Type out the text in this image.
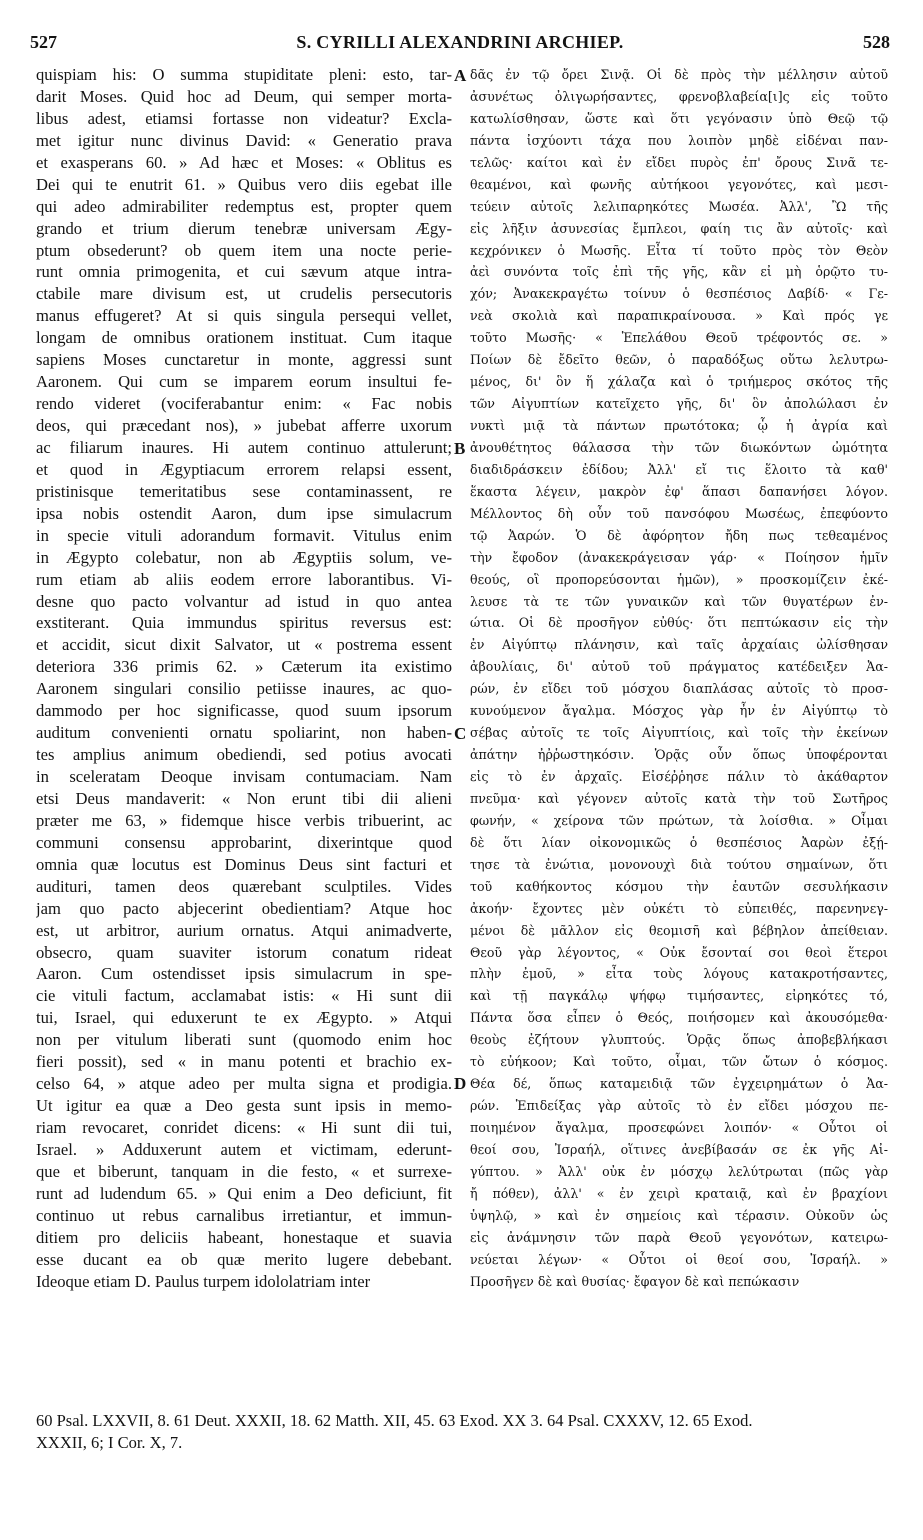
527	S. CYRILLI ALEXANDRINI ARCHIEP.	528
quispiam his: O summa stupiditate pleni: esto, tar-
darit Moses. Quid hoc ad Deum, qui semper morta-
libus adest, etiamsi fortasse non videatur? Excla-
met igitur nunc divinus David: « Generatio prava
et exasperans 60. » Ad hæc et Moses: « Oblitus es
Dei qui te enutrit 61. » Quibus vero diis egebat ille
qui adeo admirabiliter redemptus est, propter quem
grando et trium dierum tenebræ universam Ægy-
ptum obsederunt? ob quem item una nocte perie-
runt omnia primogenita, et cui sævum atque intra-
ctabile mare divisum est, ut crudelis persecutoris
manus effugeret? At si quis singula persequi vellet,
longam de omnibus orationem instituat. Cum itaque
sapiens Moses cunctaretur in monte, aggressi sunt
Aaronem. Qui cum se imparem eorum insultui fe-
rendo videret (vociferabantur enim: « Fac nobis
deos, qui præcedant nos), » jubebat afferre uxorum
ac filiarum inaures. Hi autem continuo attulerunt;
et quod in Ægyptiacum errorem relapsi essent,
pristinisque temeritatibus sese contaminassent, re
ipsa nobis ostendit Aaron, dum ipse simulacrum
in specie vituli adorandum formavit. Vitulus enim
in Ægypto colebatur, non ab Ægyptiis solum, ve-
rum etiam ab aliis eodem errore laborantibus. Vi-
desne quo pacto volvantur ad istud in quo antea
exstiterant. Quia immundus spiritus reversus est:
et accidit, sicut dixit Salvator, ut « postrema essent
deteriora 336 primis 62. » Cæterum ita existimo
Aaronem singulari consilio petiisse inaures, ac quo-
dammodo per hoc significasse, quod suum ipsorum
auditum convenienti ornatu spoliarint, non haben-
tes amplius animum obediendi, sed potius avocati
in sceleratam Deoque invisam contumaciam. Nam
etsi Deus mandaverit: « Non erunt tibi dii alieni
præter me 63, » fidemque hisce verbis tribuerint, ac
communi consensu approbarint, dixerintque quod
omnia quæ locutus est Dominus Deus sint facturi et
audituri, tamen deos quærebant sculptiles. Vides
jam quo pacto abjecerint obedientiam? Atque hoc
est, ut arbitror, aurium ornatus. Atqui animadverte,
obsecro, quam suaviter istorum conatum rideat
Aaron. Cum ostendisset ipsis simulacrum in spe-
cie vituli factum, acclamabat istis: « Hi sunt dii
tui, Israel, qui eduxerunt te ex Ægypto. » Atqui
non per vitulum liberati sunt (quomodo enim hoc
fieri possit), sed « in manu potenti et brachio ex-
celso 64, » atque adeo per multa signa et prodigia.
Ut igitur ea quæ a Deo gesta sunt ipsis in memo-
riam revocaret, conridet dicens: « Hi sunt dii tui,
Israel. » Adduxerunt autem et victimam, ederunt-
que et biberunt, tanquam in die festo, « et surrexe-
runt ad ludendum 65. » Qui enim a Deo deficiunt, fit
continuo ut rebus carnalibus irretiantur, et immun-
ditiem pro deliciis habeant, honestaque et suavia
esse ducant ea ob quæ merito lugere debebant.
Ideoque etiam D. Paulus turpem idololatriam inter
δᾶς ἐν τῷ ὄρει Σινᾷ. Οἱ δὲ πρὸς τὴν μέλλησιν αὐτοῦ
ἀσυνέτως ὀλιγωρήσαντες, φρενοβλαβεία[ι]ς εἰς τοῦτο
κατωλίσθησαν, ὥστε καὶ ὅτι γεγόνασιν ὑπὸ Θεῷ τῷ
πάντα ἰσχύοντι τάχα που λοιπὸν μηδὲ εἰδέναι παν-
τελῶς· καίτοι καὶ ἐν εἴδει πυρὸς ἐπ' ὄρους Σινᾶ τε-
θεαμένοι, καὶ φωνῆς αὐτήκοοι γεγονότες, καὶ μεσι-
τεύειν αὐτοῖς λελιπαρηκότες Μωσέα. Ἀλλ', Ὢ τῆς
εἰς λῆξιν ἀσυνεσίας ἔμπλεοι, φαίη τις ἂν αὐτοῖς· καὶ
κεχρόνικεν ὁ Μωσῆς. Εἶτα τί τοῦτο πρὸς τὸν Θεὸν
ἀεὶ συνόντα τοῖς ἐπὶ τῆς γῆς, κἂν εἰ μὴ ὁρῷτο τυ-
χόν; Ἀνακεκραγέτω τοίνυν ὁ θεσπέσιος Δαβίδ· « Γε-
νεὰ σκολιὰ καὶ παραπικραίνουσα. » Καὶ πρός γε
τοῦτο Μωσῆς· « Ἐπελάθου Θεοῦ τρέφοντός σε. »
Ποίων δὲ ἔδεῖτο θεῶν, ὁ παραδόξως οὕτω λελυτρω-
μένος, δι' ὃν ἥ χάλαζα καὶ ὁ τριήμερος σκότος τῆς
τῶν Αἰγυπτίων κατεῖχετο γῆς, δι' ὃν ἀπολώλασι ἐν
νυκτὶ μιᾷ τὰ πάντων πρωτότοκα; ᾧ ἡ ἀγρία καὶ
ἀνουθέτητος θάλασσα τὴν τῶν διωκόντων ὠμότητα
διαδιδράσκειν ἐδίδου; Ἀλλ' εἴ τις ἕλοιτο τὰ καθ'
ἕκαστα λέγειν, μακρὸν ἐφ' ἅπασι δαπανήσει λόγον.
Μέλλοντος δὴ οὖν τοῦ πανσόφου Μωσέως, ἐπεφύοντο
τῷ Ἀαρών. Ὁ δὲ ἀφόρητον ἤδη πως τεθεαμένος
τὴν ἔφοδον (ἀνακεκράγεισαν γάρ· « Ποίησον ἡμῖν
θεούς, οἳ προπορεύσονται ἡμῶν), » προσκομίζειν ἐκέ-
λευσε τὰ τε τῶν γυναικῶν καὶ τῶν θυγατέρων ἐν-
ώτια. Οἱ δὲ προσῆγον εὐθύς· ὅτι πεπτώκασιν εἰς τὴν
ἐν Αἰγύπτῳ πλάνησιν, καὶ ταῖς ἀρχαίαις ὠλίσθησαν
ἀβουλίαις, δι' αὐτοῦ τοῦ πράγματος κατέδειξεν Ἀα-
ρών, ἐν εἴδει τοῦ μόσχου διαπλάσας αὐτοῖς τὸ προσ-
κυνούμενον ἄγαλμα. Μόσχος γὰρ ἦν ἐν Αἰγύπτῳ τὸ
σέβας αὐτοῖς τε τοῖς Αἰγυπτίοις, καὶ τοῖς τὴν ἐκείνων
ἀπάτην ἠῤῥωστηκόσιν. Ὁρᾷς οὖν ὅπως ὑποφέρονται
εἰς τὸ ἐν ἀρχαῖς. Εἰσέῤῥησε πάλιν τὸ ἀκάθαρτον
πνεῦμα· καὶ γέγονεν αὐτοῖς κατὰ τὴν τοῦ Σωτῆρος
φωνήν, « χείρονα τῶν πρώτων, τὰ λοίσθια. » Οἶμαι
δὲ ὅτι λίαν οἰκονομικῶς ὁ θεσπέσιος Ἀαρὼν ἐξῄ-
τησε τὰ ἐνώτια, μονονουχὶ διὰ τούτου σημαίνων, ὅτι
τοῦ καθήκοντος κόσμου τὴν ἑαυτῶν σεσυλήκασιν
ἀκοήν· ἔχοντες μὲν οὐκέτι τὸ εὐπειθές, παρενηνεγ-
μένοι δὲ μᾶλλον εἰς θεομισῆ καὶ βέβηλον ἀπείθειαν.
Θεοῦ γὰρ λέγοντος, « Οὐκ ἔσονταί σοι θεοὶ ἕτεροι
πλὴν ἐμοῦ, » εἶτα τοὺς λόγους κατακροτήσαντες,
καὶ τῇ παγκάλῳ ψήφῳ τιμήσαντες, εἰρηκότες τό,
Πάντα ὅσα εἶπεν ὁ Θεός, ποιήσομεν καὶ ἀκουσόμεθα·
θεοὺς ἐζήτουν γλυπτούς. Ὁρᾷς ὅπως ἀποβεβλήκασι
τὸ εὐήκοον; Καὶ τοῦτο, οἶμαι, τῶν ὤτων ὁ κόσμος.
Θέα δέ, ὅπως καταμειδιᾷ τῶν ἐγχειρημάτων ὁ Ἀα-
ρών. Ἐπιδείξας γὰρ αὐτοῖς τὸ ἐν εἴδει μόσχου πε-
ποιημένον ἄγαλμα, προσεφώνει λοιπόν· « Οὗτοι οἱ
θεοί σου, Ἰσραήλ, οἵτινες ἀνεβίβασάν σε ἐκ γῆς Αἰ-
γύπτου. » Ἀλλ' οὐκ ἐν μόσχῳ λελύτρωται (πῶς γὰρ
ἤ πόθεν), ἀλλ' « ἐν χειρὶ κραταιᾷ, καὶ ἐν βραχίονι
ὑψηλῷ, » καὶ ἐν σημείοις καὶ τέρασιν. Οὐκοῦν ὡς
εἰς ἀνάμνησιν τῶν παρὰ Θεοῦ γεγονότων, κατειρω-
νεύεται λέγων· « Οὗτοι οἱ θεοί σου, Ἰσραήλ. »
Προσῆγεν δὲ καὶ θυσίας· ἔφαγον δὲ καὶ πεπώκασιν
A
B
C
D
60 Psal. LXXVII, 8. 61 Deut. XXXII, 18. 62 Matth. XII, 45. 63 Exod. XX 3. 64 Psal. CXXXV, 12. 65 Exod.
XXXII, 6; I Cor. X, 7.
